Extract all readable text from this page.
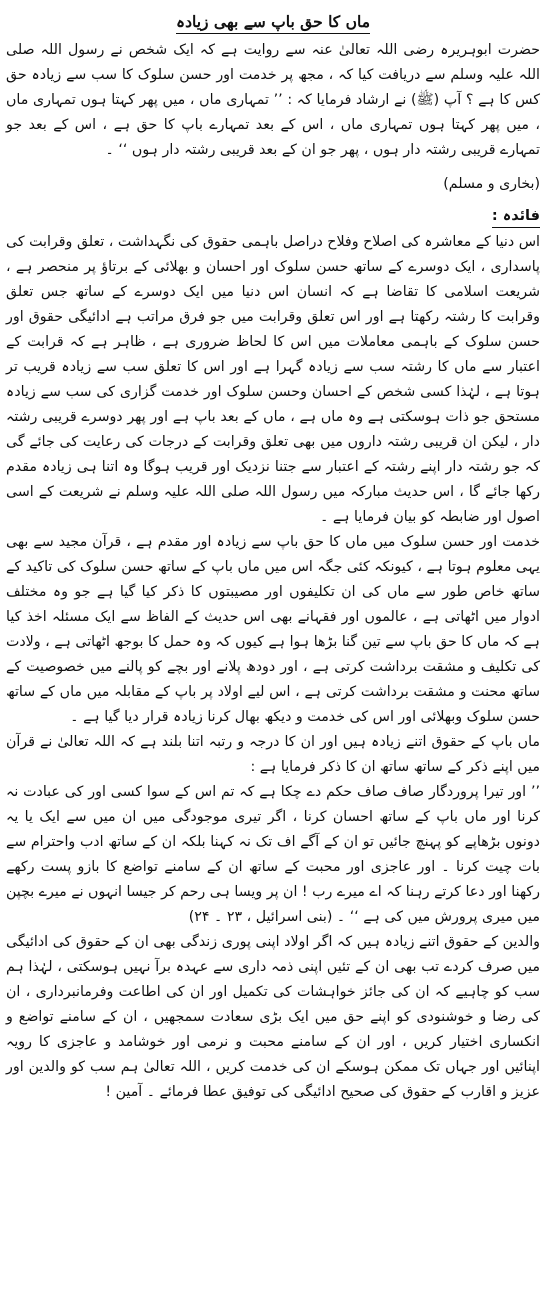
ماں کا حق باپ سے بھی زیادہ

حضرت ابوہریرہ رضی اللہ تعالیٰ عنہ سے روایت ہے کہ ایک شخص نے رسول اللہ صلی اللہ علیہ وسلم سے دریافت کیا کہ ، مجھ پر خدمت اور حسن سلوک کا سب سے زیادہ حق کس کا ہے ؟ آپ (ﷺ) نے ارشاد فرمایا کہ : ’’ تمہاری ماں ، میں پھر کہتا ہوں تمہاری ماں ، میں پھر کہتا ہوں تمہاری ماں ، اس کے بعد تمہارے باپ کا حق ہے ، اس کے بعد جو تمہارے قریبی رشتہ دار ہوں ، پھر جو ان کے بعد قریبی رشتہ دار ہوں ‘‘ ۔

(بخاری و مسلم)

فائدہ :

اس دنیا کے معاشرہ کی اصلاح وفلاح دراصل باہمی حقوق کی نگہداشت ، تعلق وقرابت کی پاسداری ، ایک دوسرے کے ساتھ حسن سلوک اور احسان و بھلائی کے برتاؤ پر منحصر ہے ، شریعت اسلامی کا تقاضا ہے کہ انسان اس دنیا میں ایک دوسرے کے ساتھ جس تعلق وقرابت کا رشتہ رکھتا ہے اور اس تعلق وقرابت میں جو فرق مراتب ہے ادائیگی حقوق اور حسن سلوک کے باہمی معاملات میں اس کا لحاظ ضروری ہے ، ظاہر ہے کہ قرابت کے اعتبار سے ماں کا رشتہ سب سے زیادہ گہرا ہے اور اس کا تعلق سب سے زیادہ قریب تر ہوتا ہے ، لہٰذا کسی شخص کے احسان وحسن سلوک اور خدمت گزاری کی سب سے زیادہ مستحق جو ذات ہوسکتی ہے وہ ماں ہے ، ماں کے بعد باپ ہے اور پھر دوسرے قریبی رشتہ دار ، لیکن ان قریبی رشتہ داروں میں بھی تعلق وقرابت کے درجات کی رعایت کی جائے گی کہ جو رشتہ دار اپنے رشتہ کے اعتبار سے جتنا نزدیک اور قریب ہوگا وہ اتنا ہی زیادہ مقدم رکھا جائے گا ، اس حدیث مبارکہ میں رسول اللہ صلی اللہ علیہ وسلم نے شریعت کے اسی اصول اور ضابطہ کو بیان فرمایا ہے ۔

خدمت اور حسن سلوک میں ماں کا حق باپ سے زیادہ اور مقدم ہے ، قرآن مجید سے بھی یہی معلوم ہوتا ہے ، کیونکہ کئی جگہ اس میں ماں باپ کے ساتھ حسن سلوک کی تاکید کے ساتھ خاص طور سے ماں کی ان تکلیفوں اور مصیبتوں کا ذکر کیا گیا ہے جو وہ مختلف ادوار میں اٹھاتی ہے ، عالموں اور فقہانے بھی اس حدیث کے الفاظ سے ایک مسئلہ اخذ کیا ہے کہ ماں کا حق باپ سے تین گنا بڑھا ہوا ہے کیوں کہ وہ حمل کا بوجھ اٹھاتی ہے ، ولادت کی تکلیف و مشقت برداشت کرتی ہے ، اور دودھ پلانے اور بچے کو پالنے میں خصوصیت کے ساتھ محنت و مشقت برداشت کرتی ہے ، اس لیے اولاد پر باپ کے مقابلہ میں ماں کے ساتھ حسن سلوک وبھلائی اور اس کی خدمت و دیکھ بھال کرنا زیادہ قرار دیا گیا ہے ۔

ماں باپ کے حقوق اتنے زیادہ ہیں اور ان کا درجہ و رتبہ اتنا بلند ہے کہ اللہ تعالیٰ نے قرآن میں اپنے ذکر کے ساتھ ساتھ ان کا ذکر فرمایا ہے :

’’ اور تیرا پروردگار صاف صاف حکم دے چکا ہے کہ تم اس کے سوا کسی اور کی عبادت نہ کرنا اور ماں باپ کے ساتھ احسان کرنا ، اگر تیری موجودگی میں ان میں سے ایک یا یہ دونوں بڑھاپے کو پہنچ جائیں تو ان کے آگے اف تک نہ کہنا بلکہ ان کے ساتھ ادب واحترام سے بات چیت کرنا ۔ اور عاجزی اور محبت کے ساتھ ان کے سامنے تواضع کا بازو پست رکھے رکھنا اور دعا کرتے رہنا کہ اے میرے رب ! ان پر ویسا ہی رحم کر جیسا انہوں نے میرے بچپن میں میری پرورش میں کی ہے ‘‘ ۔ (بنی اسرائیل ، ۲۳ ۔ ۲۴)

والدین کے حقوق اتنے زیادہ ہیں کہ اگر اولاد اپنی پوری زندگی بھی ان کے حقوق کی ادائیگی میں صرف کردے تب بھی ان کے تئیں اپنی ذمہ داری سے عہدہ برآ نہیں ہوسکتی ، لہٰذا ہم سب کو چاہیے کہ ان کی جائز خواہشات کی تکمیل اور ان کی اطاعت وفرمانبرداری ، ان کی رضا و خوشنودی کو اپنے حق میں ایک بڑی سعادت سمجھیں ، ان کے سامنے تواضع و انکساری اختیار کریں ، اور ان کے سامنے محبت و نرمی اور خوشامد و عاجزی کا رویہ اپنائیں اور جہاں تک ممکن ہوسکے ان کی خدمت کریں ، اللہ تعالیٰ ہم سب کو والدین اور عزیز و اقارب کے حقوق کی صحیح ادائیگی کی توفیق عطا فرمائے ۔ آمین !
